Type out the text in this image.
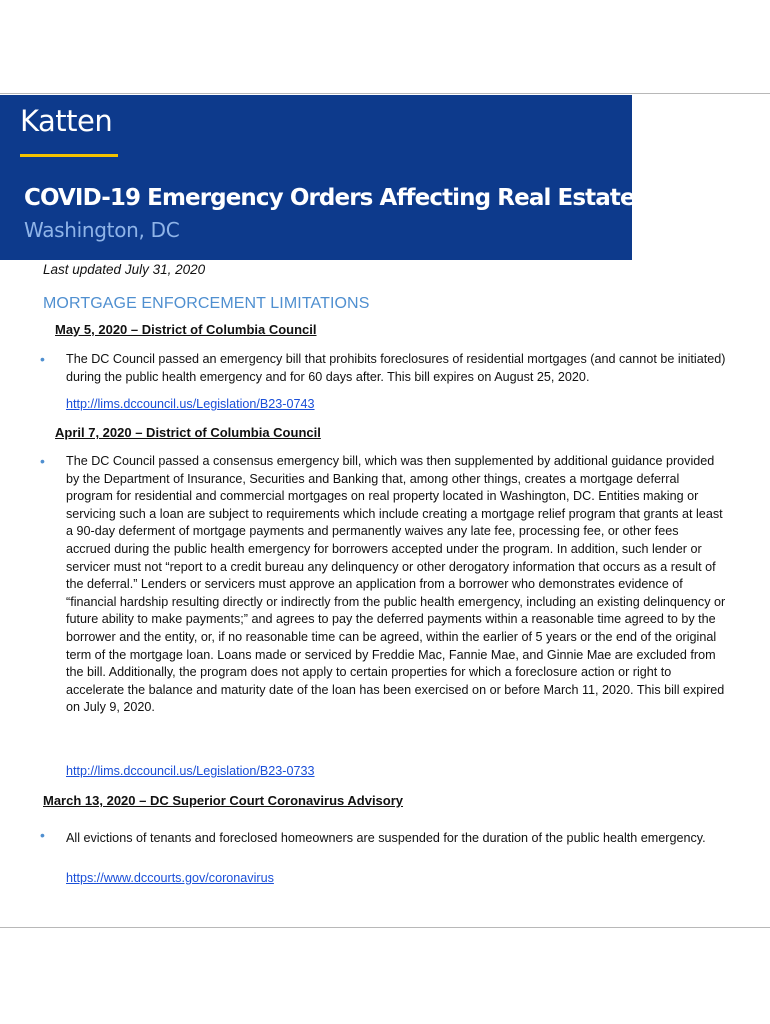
Katten
COVID-19 Emergency Orders Affecting Real Estate
Washington, DC
Last updated July 31, 2020
MORTGAGE ENFORCEMENT LIMITATIONS
May 5, 2020 – District of Columbia Council
•	The DC Council passed an emergency bill that prohibits foreclosures of residential mortgages (and cannot be initiated) during the public health emergency and for 60 days after. This bill expires on August 25, 2020.
http://lims.dccouncil.us/Legislation/B23-0743
April 7, 2020 – District of Columbia Council
•	The DC Council passed a consensus emergency bill, which was then supplemented by additional guidance provided by the Department of Insurance, Securities and Banking that, among other things, creates a mortgage deferral program for residential and commercial mortgages on real property located in Washington, DC. Entities making or servicing such a loan are subject to requirements which include creating a mortgage relief program that grants at least a 90-day deferment of mortgage payments and permanently waives any late fee, processing fee, or other fees accrued during the public health emergency for borrowers accepted under the program. In addition, such lender or servicer must not “report to a credit bureau any delinquency or other derogatory information that occurs as a result of the deferral.” Lenders or servicers must approve an application from a borrower who demonstrates evidence of “financial hardship resulting directly or indirectly from the public health emergency, including an existing delinquency or future ability to make payments;” and agrees to pay the deferred payments within a reasonable time agreed to by the borrower and the entity, or, if no reasonable time can be agreed, within the earlier of 5 years or the end of the original term of the mortgage loan. Loans made or serviced by Freddie Mac, Fannie Mae, and Ginnie Mae are excluded from the bill. Additionally, the program does not apply to certain properties for which a foreclosure action or right to accelerate the balance and maturity date of the loan has been exercised on or before March 11, 2020. This bill expired on July 9, 2020.
http://lims.dccouncil.us/Legislation/B23-0733
March 13, 2020 – DC Superior Court Coronavirus Advisory
•	All evictions of tenants and foreclosed homeowners are suspended for the duration of the public health emergency.
https://www.dccourts.gov/coronavirus
